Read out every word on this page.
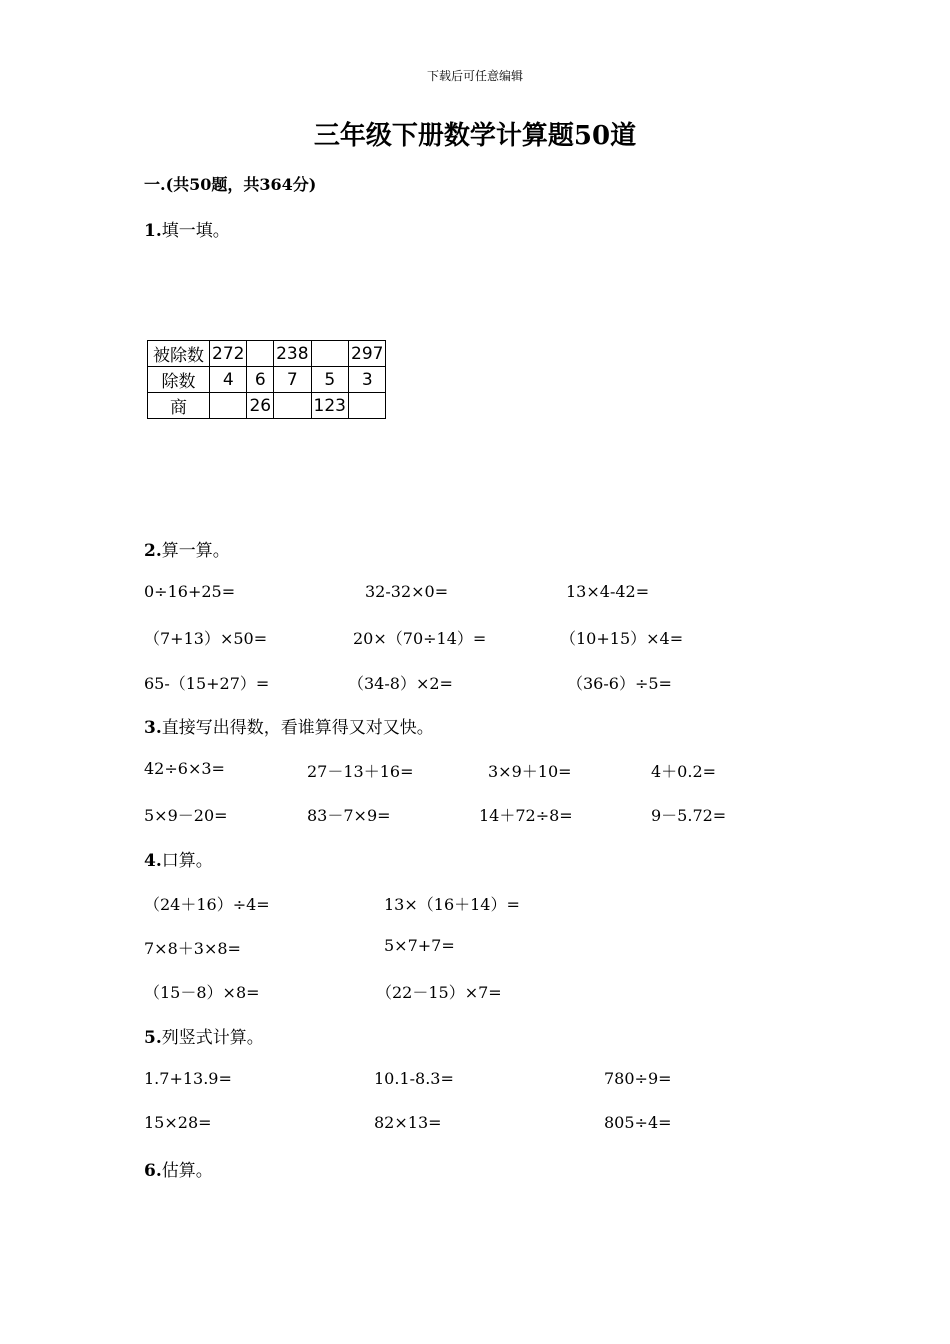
下载后可任意编辑
三年级下册数学计算题50道
一.(共50题，共364分)
1.填一填。
被除数	272		238		297
除数	4	6	7	5	3
商		26		123	
2.算一算。
0÷16+25=	32-32×0=	13×4-42=
（7+13）×50=	20×（70÷14）=	（10+15）×4=
65-（15+27）=	（34-8）×2=	（36-6）÷5=
3.直接写出得数，看谁算得又对又快。
42÷6×3=	27－13＋16=	3×9＋10=	4＋0.2=
5×9－20=	83－7×9=	14＋72÷8=	9－5.72=
4.口算。
（24＋16）÷4=	13×（16＋14）=
7×8＋3×8=	5×7+7=
（15－8）×8=	（22－15）×7=
5.列竖式计算。
1.7+13.9=	10.1-8.3=	780÷9=
15×28=	82×13=	805÷4=
6.估算。
